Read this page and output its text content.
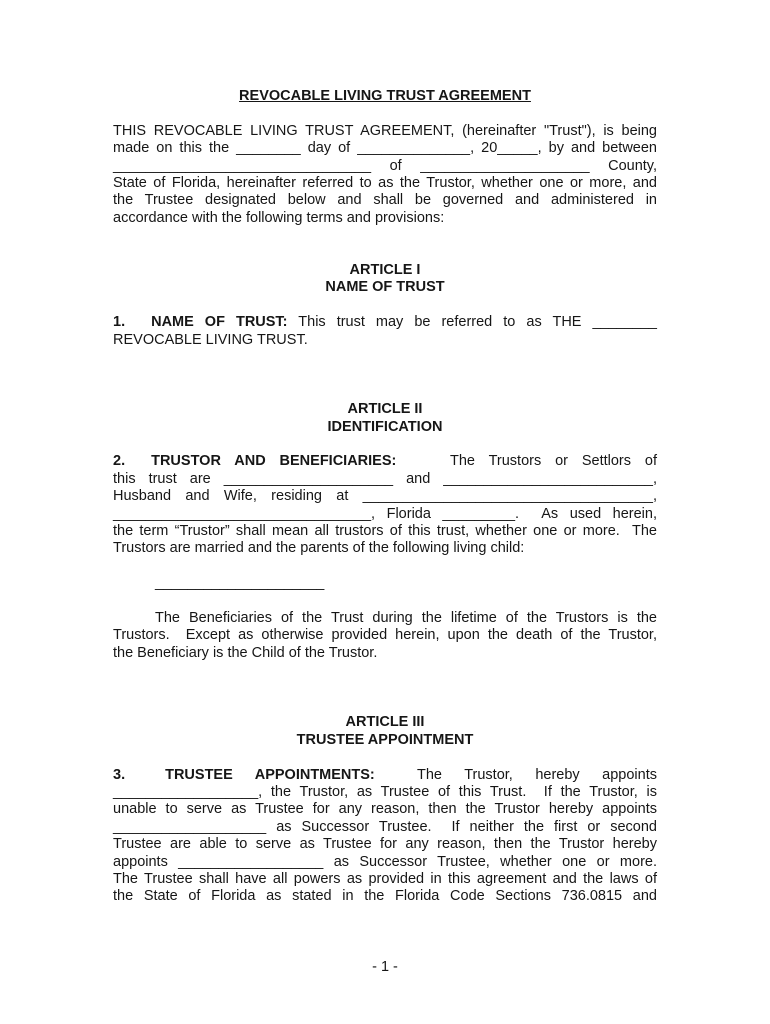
REVOCABLE LIVING TRUST AGREEMENT
THIS REVOCABLE LIVING TRUST AGREEMENT, (hereinafter "Trust"), is being
made on this the ________ day of ______________, 20_____, by and between
________________________________ of _____________________ County,
State of Florida, hereinafter referred to as the Trustor, whether one or more, and
the Trustee designated below and shall be governed and administered in
accordance with the following terms and provisions:
ARTICLE I
NAME OF TRUST
1. NAME OF TRUST: This trust may be referred to as THE ________
REVOCABLE LIVING TRUST.
ARTICLE II
IDENTIFICATION
2. TRUSTOR AND BENEFICIARIES:	The Trustors or Settlors of
this trust are _____________________ and __________________________,
Husband and Wife, residing at ____________________________________,
________________________________, Florida _________.  As used herein,
the term “Trustor” shall mean all trustors of this trust, whether one or more.  The
Trustors are married and the parents of the following living child:
_____________________
The Beneficiaries of the Trust during the lifetime of the Trustors is the
Trustors.  Except as otherwise provided herein, upon the death of the Trustor,
the Beneficiary is the Child of the Trustor.
ARTICLE III
TRUSTEE APPOINTMENT
3.	TRUSTEE APPOINTMENTS: The Trustor, hereby appoints
__________________, the Trustor, as Trustee of this Trust.  If the Trustor, is
unable to serve as Trustee for any reason, then the Trustor hereby appoints
___________________ as Successor Trustee.  If neither the first or second
Trustee are able to serve as Trustee for any reason, then the Trustor hereby
appoints __________________ as Successor Trustee, whether one or more.
The Trustee shall have all powers as provided in this agreement and the laws of
the State of Florida as stated in the Florida Code Sections 736.0815 and
- 1 -
